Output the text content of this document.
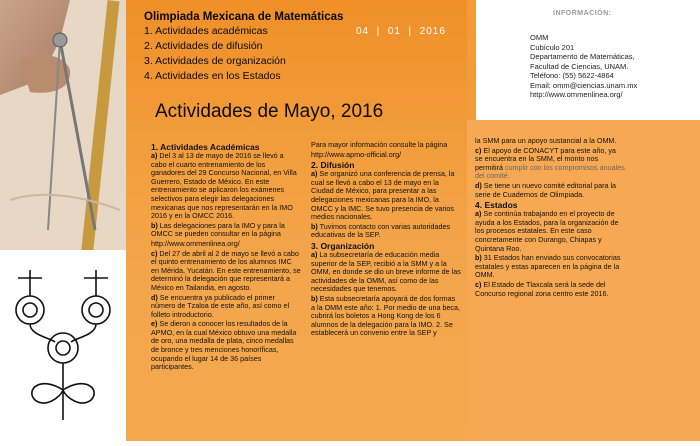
Olimpiada Mexicana de Matemáticas
1. Actividades académicas
2. Actividades de difusión
3. Actividades de organización
4. Actividades en los Estados
04  |  01  |  2016
INFORMACIÓN:
OMM
Cubículo 201
Departamento de Matemáticas,
Facultad de Ciencias, UNAM.
Teléfono: (55) 5622-4864
Email: omm@ciencias.unam.mx
http://www.ommenlinea.org/
Actividades de Mayo, 2016
1. Actividades Académicas

a) Del 3 al 13 de mayo de 2016 se llevó a cabo el cuarto entrenamiento de los ganadores del 29 Concurso Nacional, en Villa Guerrero, Estado de México. En este entrenamiento se aplicaron los exámenes selectivos para elegir las delegaciones mexicanas que nos representarán en la IMO 2016 y en la OMCC 2016.

b) Las delegaciones para la IMO y para la OMCC se pueden consultar en la página

http://www.ommenlinea.org/

c) Del 27 de abril al 2 de mayo se llevó a cabo el quinto entrenamiento de los alumnos IMC en Mérida, Yucatán. En este entrenamiento, se determinó la delegación que representará a México en Tailandia, en agosto.

d) Se encuentra ya publicado el primer número de Tzaloa de este año, así como el folleto introductorio.

e) Se dieron a conocer los resultados de la APMO, en la cual México obtuvo una medalla de oro, una medalla de plata, cinco medallas de bronce y tres menciones honoríficas, ocupando el lugar 14 de 36 países participantes.

Para mayor información consulte la página

http://www.apmo-official.org/

2. Difusión

a) Se organizó una conferencia de prensa, la cual se llevó a cabo el 13 de mayo en la Ciudad de México, para presentar a las delegaciones mexicanas para la IMO, la OMCC y la IMC. Se tuvo presencia de varios medios nacionales.

b) Tuvimos contacto con varias autoridades educativas de la SEP.

3. Organización

a) La subsecretaría de educación media superior de la SEP, recibió a la SMM y a la OMM, en donde se dio un breve informe de las actividades de la OMM, así como de las necesidades que tenemos.

b) Esta subsecretaría apoyará de dos formas a la OMM este año: 1. Por medio de una beca, cubrirá los boletos a Hong Kong de los 6 alumnos de la delegación para la IMO. 2. Se establecerá un convenio entre la SEP y

la SMM para un apoyo sustancial a la OMM.

c) El apoyo de CONACYT para este año, ya se encuentra en la SMM, el monto nos permitirá cumplir con los compromisos anuales del comité.

d) Se tiene un nuevo comité editorial para la serie de Cuadernos de Olimpiada.

4. Estados

a) Se continúa trabajando en el proyecto de ayuda a los Estados, para la organización de los procesos estatales. En este caso concretamente con Durango, Chiapas y Quintana Roo.

b) 31 Estados han enviado sus convocatorias estatales y estas aparecen en la página de la OMM.

c) El Estado de Tlaxcala será la sede del Concurso regional zona centro este 2016.
